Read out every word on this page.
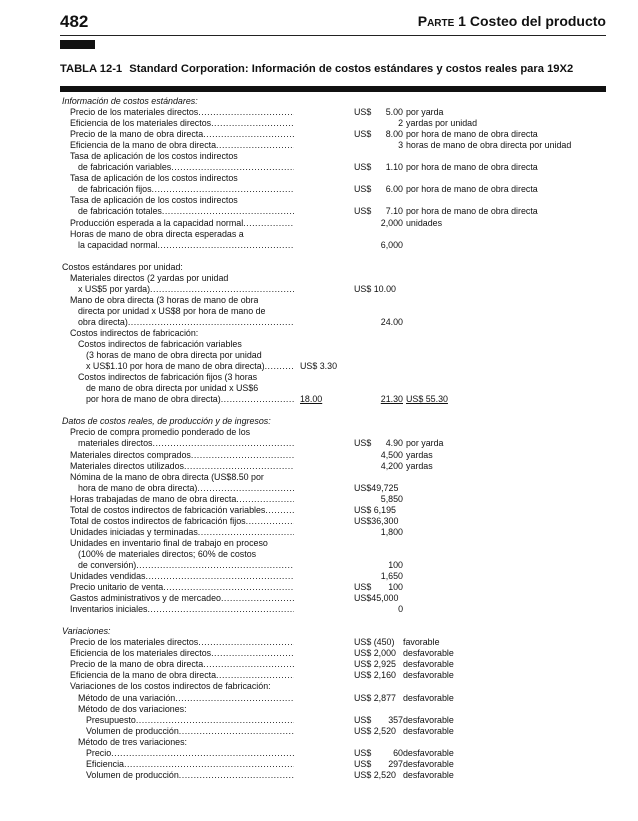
482	Parte 1 Costeo del producto
TABLA 12-1 Standard Corporation: Información de costos estándares y costos reales para 19X2
Información de costos estándares:
Precio de los materiales directos .....	US$	5.00 por yarda
Eficiencia de los materiales directos .....	2 yardas por unidad
Precio de la mano de obra directa .....	US$	8.00 por hora de mano de obra directa
Eficiencia de la mano de obra directa .....	3 horas de mano de obra directa por unidad
Tasa de aplicación de los costos indirectos
de fabricación variables .....	US$	1.10 por hora de mano de obra directa
Tasa de aplicación de los costos indirectos
de fabricación fijos .....	US$	6.00 por hora de mano de obra directa
Tasa de aplicación de los costos indirectos
de fabricación totales .....	US$	7.10 por hora de mano de obra directa
Producción esperada a la capacidad normal .....	2,000 unidades
Horas de mano de obra directa esperadas a
la capacidad normal .....	6,000
Costos estándares por unidad:
Materiales directos (2 yardas por unidad
x US$5 por yarda) .....	US$ 10.00
Mano de obra directa (3 horas de mano de obra
directa por unidad x US$8 por hora de mano de
obra directa) .....	24.00
Costos indirectos de fabricación:
Costos indirectos de fabricación variables
(3 horas de mano de obra directa por unidad
x US$1.10 por hora de mano de obra directa) .....	US$ 3.30
Costos indirectos de fabricación fijos (3 horas
de mano de obra directa por unidad x US$6
por hora de mano de obra directa) .....	18.00	21.30 US$ 55.30
Datos de costos reales, de producción y de ingresos:
Precio de compra promedio ponderado de los
materiales directos .....	US$	4.90 por yarda
Materiales directos comprados .....	4,500 yardas
Materiales directos utilizados .....	4,200 yardas
Nómina de la mano de obra directa (US$8.50 por
hora de mano de obra directa) .....	US$49,725
Horas trabajadas de mano de obra directa .....	5,850
Total de costos indirectos de fabricación variables .....	US$ 6,195
Total de costos indirectos de fabricación fijos .....	US$36,300
Unidades iniciadas y terminadas .....	1,800
Unidades en inventario final de trabajo en proceso
(100% de materiales directos; 60% de costos
de conversión) .....	100
Unidades vendidas .....	1,650
Precio unitario de venta .....	US$	100
Gastos administrativos y de mercadeo .....	US$45,000
Inventarios iniciales .....	0
Variaciones:
Precio de los materiales directos .....	US$ (450) favorable
Eficiencia de los materiales directos .....	US$ 2,000 desfavorable
Precio de la mano de obra directa .....	US$ 2,925 desfavorable
Eficiencia de la mano de obra directa .....	US$ 2,160 desfavorable
Variaciones de los costos indirectos de fabricación:
Método de una variación .....	US$ 2,877 desfavorable
Método de dos variaciones:
Presupuesto .....	US$	357 desfavorable
Volumen de producción .....	US$ 2,520 desfavorable
Método de tres variaciones:
Precio .....	US$	60 desfavorable
Eficiencia .....	US$	297 desfavorable
Volumen de producción .....	US$ 2,520 desfavorable
